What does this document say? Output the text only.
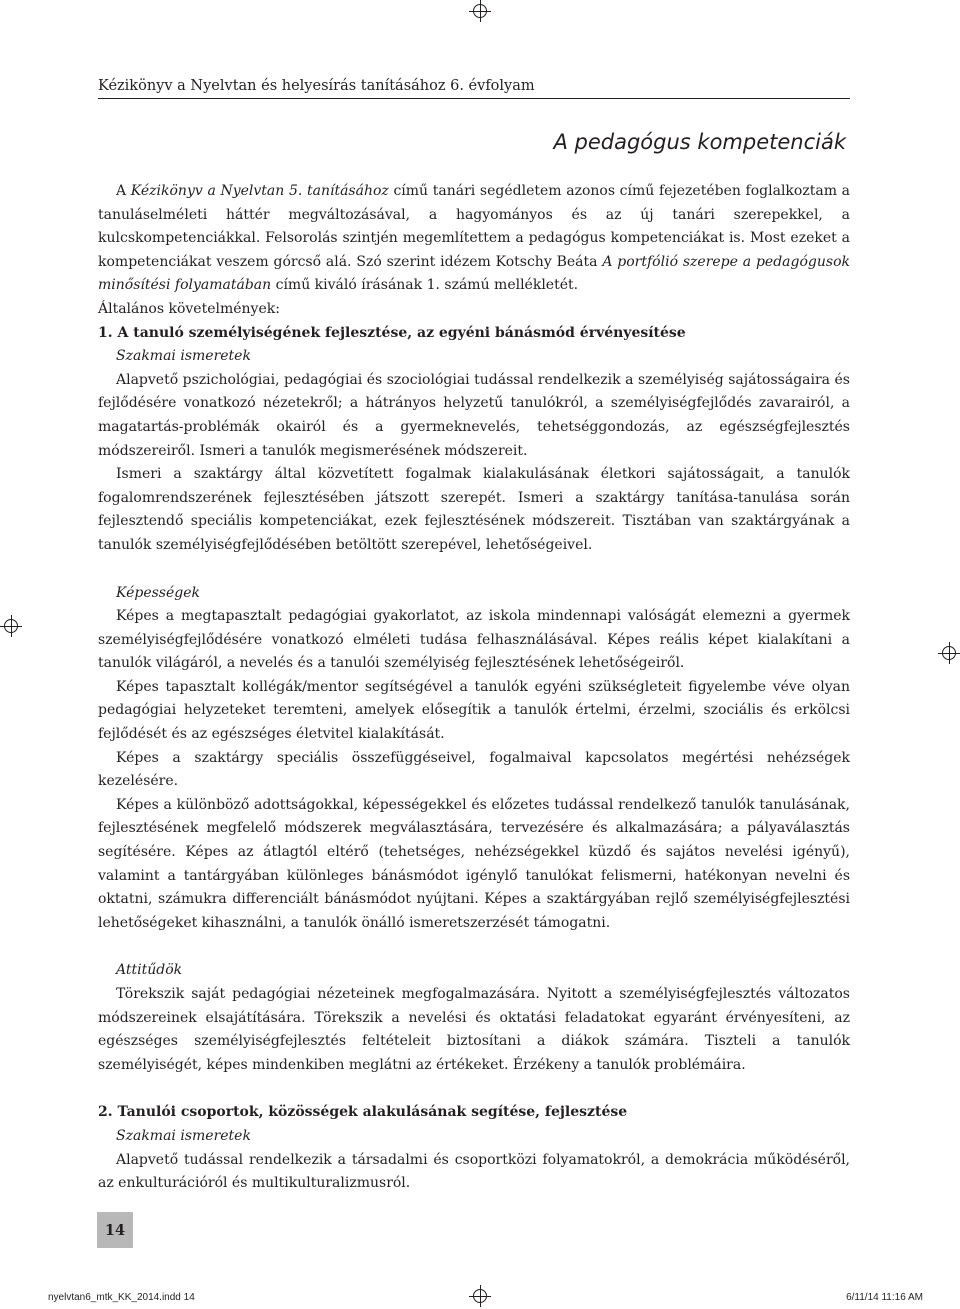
Kézikönyv a Nyelvtan és helyesírás tanításához 6. évfolyam
A pedagógus kompetenciák

A Kézikönyv a Nyelvtan 5. tanításához című tanári segédletem azonos című fejezetében foglalkoztam a tanuláselméleti háttér megváltozásával, a hagyományos és az új tanári szerepekkel, a kulcskompetenciákkal. Felsorolás szintjén megemlítettem a pedagógus kompetenciákat is. Most ezeket a kompetenciákat veszem górcső alá. Szó szerint idézem Kotschy Beáta A portfólió szerepe a pedagógusok minősítési folyamatában című kiváló írásának 1. számú mellékletét.

Általános követelmények:

1. A tanuló személyiségének fejlesztése, az egyéni bánásmód érvényesítése

Szakmai ismeretek

Alapvető pszichológiai, pedagógiai és szociológiai tudással rendelkezik a személyiség sajátosságaira és fejlődésére vonatkozó nézetekről; a hátrányos helyzetű tanulókról, a személyiségfejlődés zavarairól, a magatartás-problémák okairól és a gyermeknevelés, tehetséggondozás, az egészségfejlesztés módszereiről. Ismeri a tanulók megismerésének módszereit.

Ismeri a szaktárgy által közvetített fogalmak kialakulásának életkori sajátosságait, a tanulók fogalomrendszerének fejlesztésében játszott szerepét. Ismeri a szaktárgy tanítása-tanulása során fejlesztendő speciális kompetenciákat, ezek fejlesztésének módszereit. Tisztában van szaktárgyának a tanulók személyiségfejlődésében betöltött szerepével, lehetőségeivel.

Képességek

Képes a megtapasztalt pedagógiai gyakorlatot, az iskola mindennapi valóságát elemezni a gyermek személyiségfejlődésére vonatkozó elméleti tudása felhasználásával. Képes reális képet kialakítani a tanulók világáról, a nevelés és a tanulói személyiség fejlesztésének lehetőségeiről.

Képes tapasztalt kollégák/mentor segítségével a tanulók egyéni szükségleteit figyelembe véve olyan pedagógiai helyzeteket teremteni, amelyek elősegítik a tanulók értelmi, érzelmi, szociális és erkölcsi fejlődését és az egészséges életvitel kialakítását.

Képes a szaktárgy speciális összefüggéseivel, fogalmaival kapcsolatos megértési nehézségek kezelésére.

Képes a különböző adottságokkal, képességekkel és előzetes tudással rendelkező tanulók tanulásának, fejlesztésének megfelelő módszerek megválasztására, tervezésére és alkalmazására; a pályaválasztás segítésére. Képes az átlagtól eltérő (tehetséges, nehézségekkel küzdő és sajátos nevelési igényű), valamint a tantárgyában különleges bánásmódot igénylő tanulókat felismerni, hatékonyan nevelni és oktatni, számukra differenciált bánásmódot nyújtani. Képes a szaktárgyában rejlő személyiségfejlesztési lehetőségeket kihasználni, a tanulók önálló ismeretszerzését támogatni.

Attitűdök

Törekszik saját pedagógiai nézeteinek megfogalmazására. Nyitott a személyiségfejlesztés változatos módszereinek elsajátítására. Törekszik a nevelési és oktatási feladatokat egyaránt érvényesíteni, az egészséges személyiségfejlesztés feltételeit biztosítani a diákok számára. Tiszteli a tanulók személyiségét, képes mindenkiben meglátni az értékeket. Érzékeny a tanulók problémáira.

2. Tanulói csoportok, közösségek alakulásának segítése, fejlesztése

Szakmai ismeretek

Alapvető tudással rendelkezik a társadalmi és csoportközi folyamatokról, a demokrácia működéséről, az enkulturációról és multikulturalizmusról.

14
nyelvtan6_mtk_KK_2014.indd 14	6/11/14 11:16 AM
